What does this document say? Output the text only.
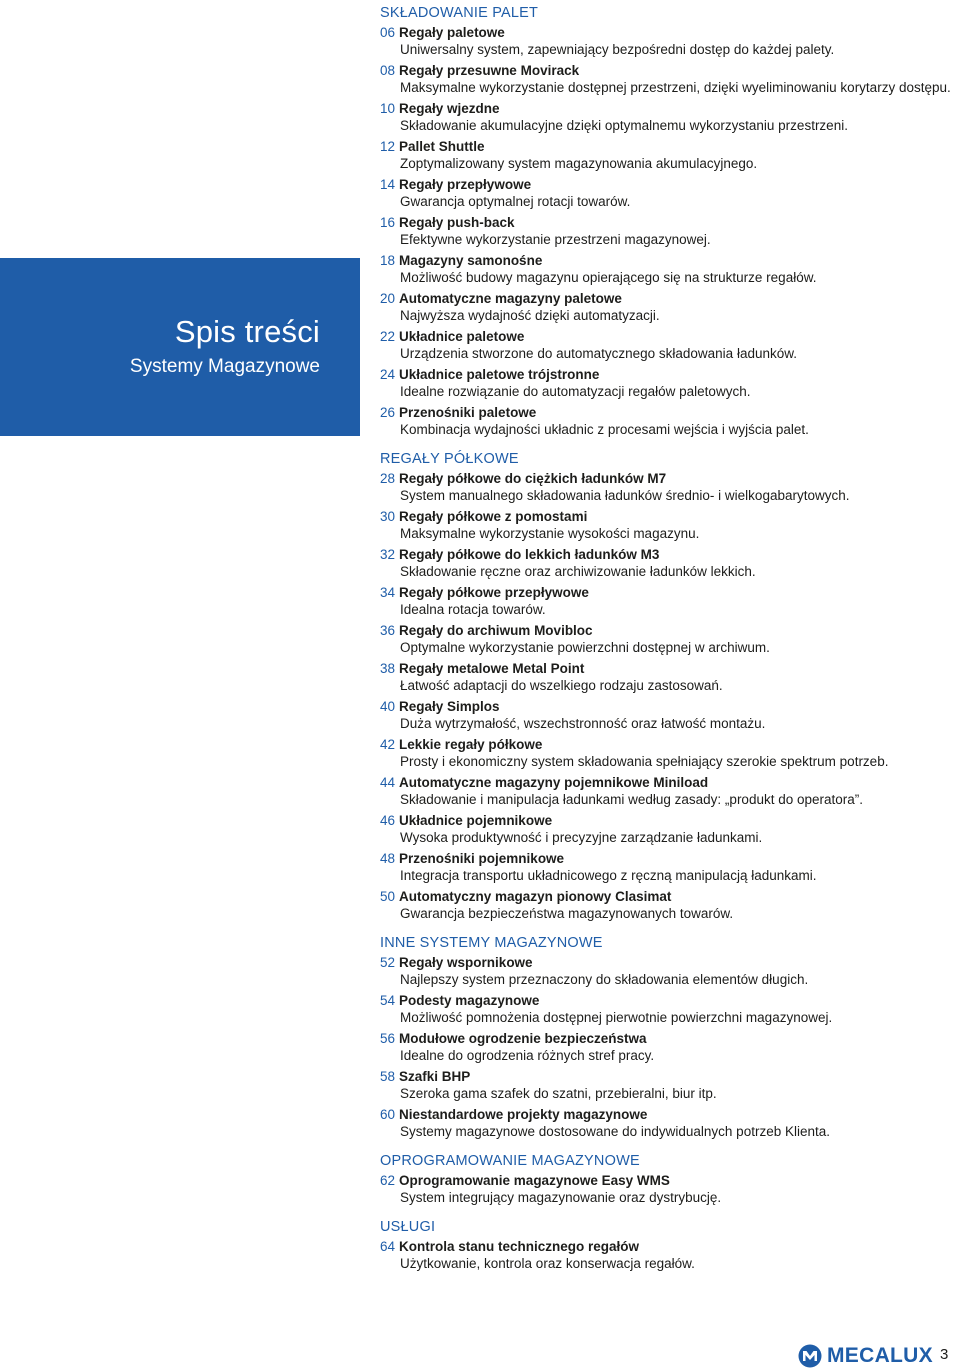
Spis treści
Systemy Magazynowe
SKŁADOWANIE PALET
06 Regały paletowe
Uniwersalny system, zapewniający bezpośredni dostęp do każdej palety.
08 Regały przesuwne Movirack
Maksymalne wykorzystanie dostępnej przestrzeni, dzięki wyeliminowaniu korytarzy dostępu.
10 Regały wjezdne
Składowanie akumulacyjne dzięki optymalnemu wykorzystaniu przestrzeni.
12 Pallet Shuttle
Zoptymalizowany system magazynowania akumulacyjnego.
14 Regały przepływowe
Gwarancja optymalnej rotacji towarów.
16 Regały push-back
Efektywne wykorzystanie przestrzeni magazynowej.
18 Magazyny samonośne
Możliwość budowy magazynu opierającego się na strukturze regałów.
20 Automatyczne magazyny paletowe
Najwyższa wydajność dzięki automatyzacji.
22 Układnice paletowe
Urządzenia stworzone do automatycznego składowania ładunków.
24 Układnice paletowe trójstronne
Idealne rozwiązanie do automatyzacji regałów paletowych.
26 Przenośniki paletowe
Kombinacja wydajności układnic z procesami wejścia i wyjścia palet.
REGAŁY PÓŁKOWE
28 Regały półkowe do ciężkich ładunków M7
System manualnego składowania ładunków średnio- i wielkogabarytowych.
30 Regały półkowe z pomostami
Maksymalne wykorzystanie wysokości magazynu.
32 Regały półkowe do lekkich ładunków M3
Składowanie ręczne oraz archiwizowanie ładunków lekkich.
34 Regały półkowe przepływowe
Idealna rotacja towarów.
36 Regały do archiwum Movibloc
Optymalne wykorzystanie powierzchni dostępnej w archiwum.
38 Regały metalowe Metal Point
Łatwość adaptacji do wszelkiego rodzaju zastosowań.
40 Regały Simplos
Duża wytrzymałość, wszechstronność oraz łatwość montażu.
42 Lekkie regały półkowe
Prosty i ekonomiczny system składowania spełniający szerokie spektrum potrzeb.
44 Automatyczne magazyny pojemnikowe Miniload
Składowanie i manipulacja ładunkami według zasady: „produkt do operatora”.
46 Układnice pojemnikowe
Wysoka produktywność i precyzyjne zarządzanie ładunkami.
48 Przenośniki pojemnikowe
Integracja transportu układnicowego z ręczną manipulacją ładunkami.
50 Automatyczny magazyn pionowy Clasimat
Gwarancja bezpieczeństwa magazynowanych towarów.
INNE SYSTEMY MAGAZYNOWE
52 Regały wspornikowe
Najlepszy system przeznaczony do składowania elementów długich.
54 Podesty magazynowe
Możliwość pomnożenia dostępnej pierwotnie powierzchni magazynowej.
56 Modułowe ogrodzenie bezpieczeństwa
Idealne do ogrodzenia różnych stref pracy.
58 Szafki BHP
Szeroka gama szafek do szatni, przebieralni, biur itp.
60 Niestandardowe projekty magazynowe
Systemy magazynowe dostosowane do indywidualnych potrzeb Klienta.
OPROGRAMOWANIE MAGAZYNOWE
62 Oprogramowanie magazynowe Easy WMS
System integrujący magazynowanie oraz dystrybucję.
USŁUGI
64 Kontrola stanu technicznego regałów
Użytkowanie, kontrola oraz konserwacja regałów.
MECALUX 3
